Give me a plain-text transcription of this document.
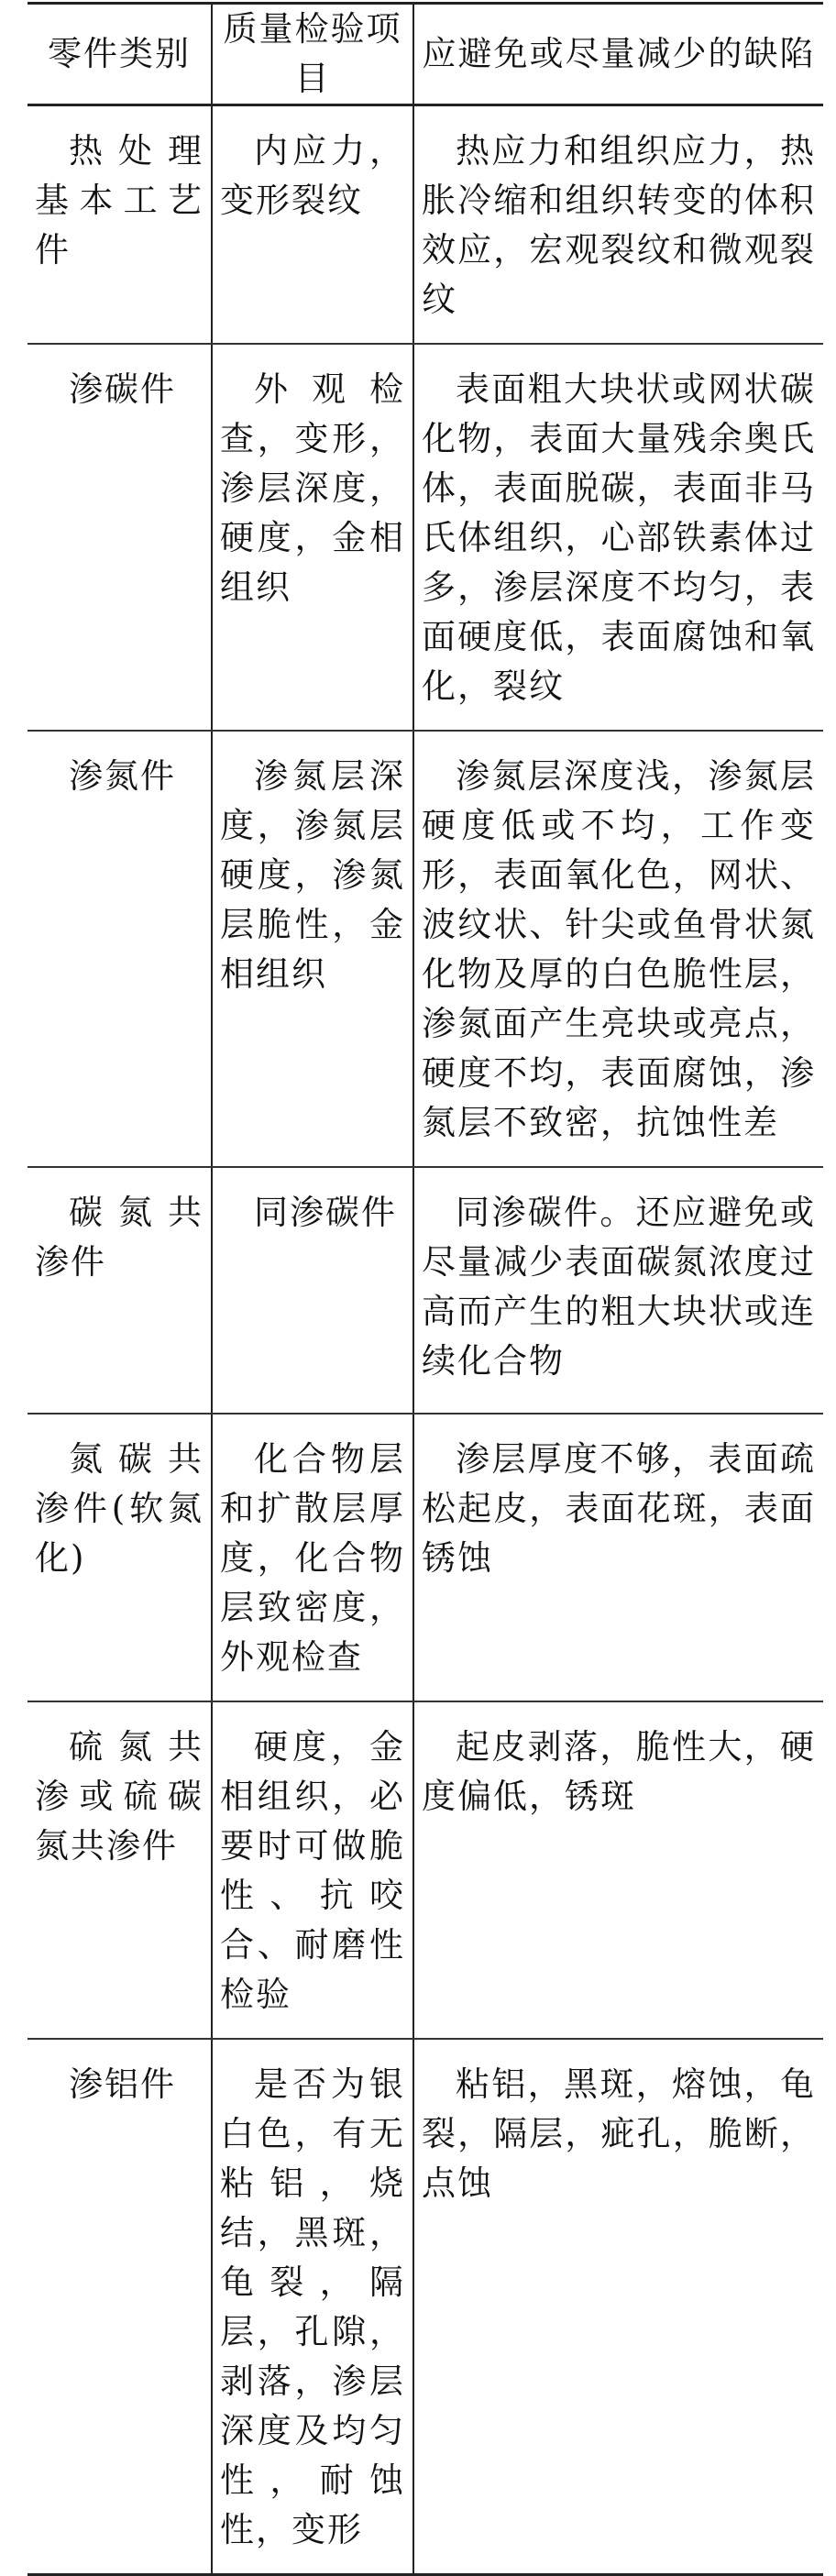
零件类别	质量检验项目	应避免或尽量减少的缺陷
热处理基本工艺件	内应力，变形裂纹	热应力和组织应力，热胀冷缩和组织转变的体积效应，宏观裂纹和微观裂纹
渗碳件	外观检查，变形，渗层深度，硬度，金相组织	表面粗大块状或网状碳化物，表面大量残余奥氏体，表面脱碳，表面非马氏体组织，心部铁素体过多，渗层深度不均匀，表面硬度低，表面腐蚀和氧化，裂纹
渗氮件	渗氮层深度，渗氮层硬度，渗氮层脆性，金相组织	渗氮层深度浅，渗氮层硬度低或不均，工作变形，表面氧化色，网状、波纹状、针尖或鱼骨状氮化物及厚的白色脆性层，渗氮面产生亮块或亮点，硬度不均，表面腐蚀，渗氮层不致密，抗蚀性差
碳氮共渗件	同渗碳件	同渗碳件。还应避免或尽量减少表面碳氮浓度过高而产生的粗大块状或连续化合物
氮碳共渗件(软氮化)	化合物层和扩散层厚度，化合物层致密度，外观检查	渗层厚度不够，表面疏松起皮，表面花斑，表面锈蚀
硫氮共渗或硫碳氮共渗件	硬度，金相组织，必要时可做脆性、抗咬合、耐磨性检验	起皮剥落，脆性大，硬度偏低，锈斑
渗铝件	是否为银白色，有无粘铝，烧结，黑斑，龟裂，隔层，孔隙，剥落，渗层深度及均匀性，耐蚀性，变形	粘铝，黑斑，熔蚀，龟裂，隔层，疵孔，脆断，点蚀
